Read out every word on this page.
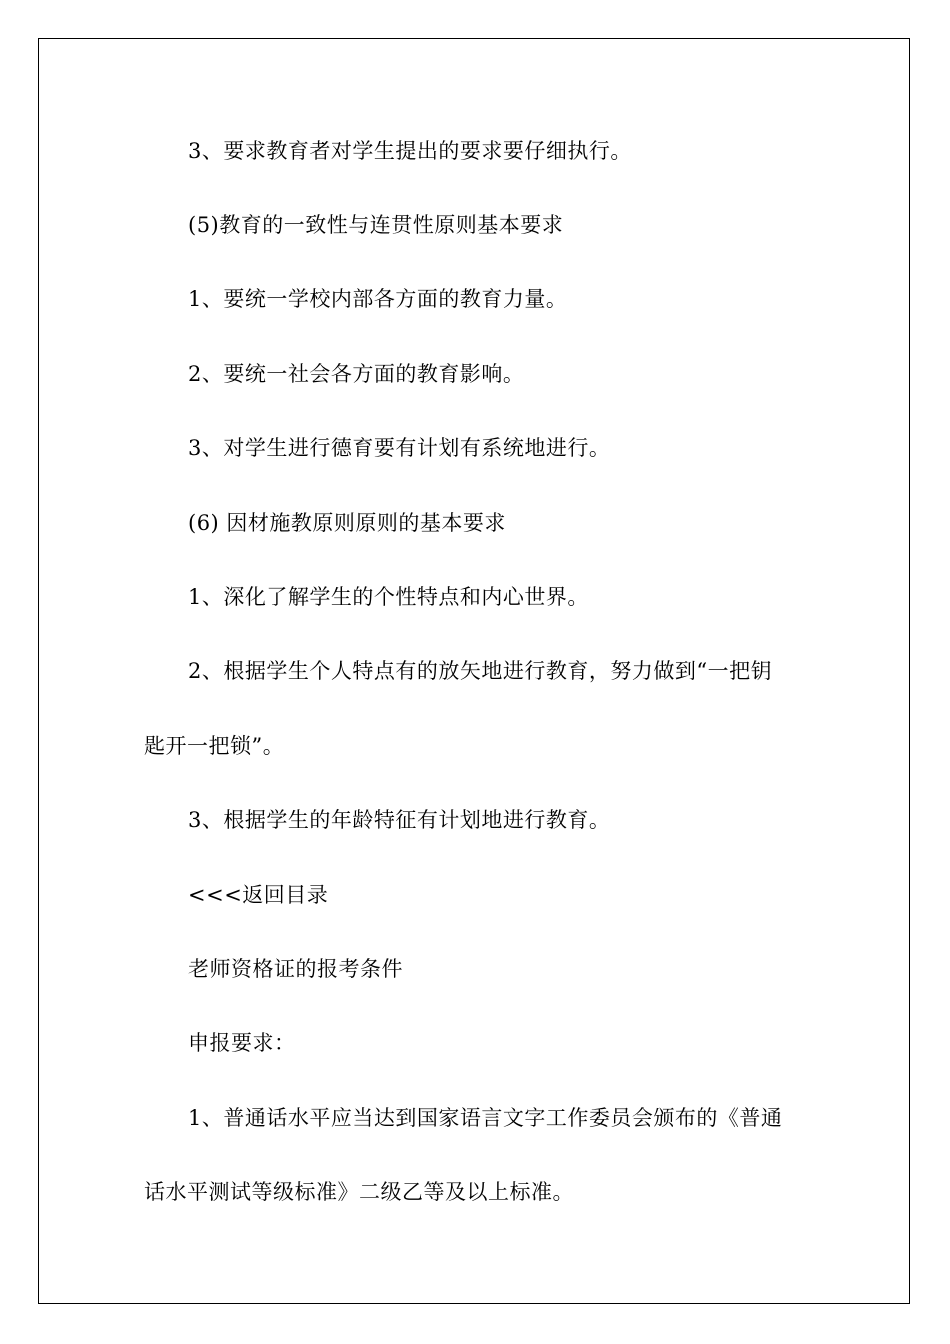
3、要求教育者对学生提出的要求要仔细执行。

(5)教育的一致性与连贯性原则基本要求

1、要统一学校内部各方面的教育力量。

2、要统一社会各方面的教育影响。

3、对学生进行德育要有计划有系统地进行。

(6) 因材施教原则原则的基本要求

1、深化了解学生的个性特点和内心世界。

2、根据学生个人特点有的放矢地进行教育，努力做到“一把钥

匙开一把锁”。

3、根据学生的年龄特征有计划地进行教育。

<<<返回目录

老师资格证的报考条件

申报要求：

1、普通话水平应当达到国家语言文字工作委员会颁布的《普通

话水平测试等级标准》二级乙等及以上标准。
